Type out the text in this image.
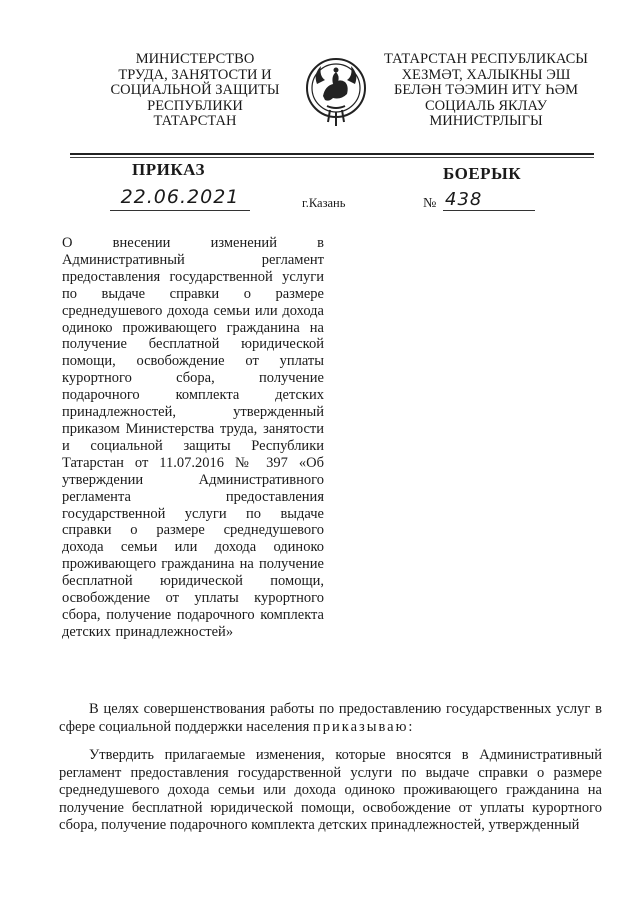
МИНИСТЕРСТВО
ТРУДА, ЗАНЯТОСТИ И
СОЦИАЛЬНОЙ ЗАЩИТЫ
РЕСПУБЛИКИ
ТАТАРСТАН
ТАТАРСТАН РЕСПУБЛИКАСЫ
ХЕЗМӘТ, ХАЛЫКНЫ ЭШ
БЕЛӘН ТӘЭМИН ИТҮ ҺӘМ
СОЦИАЛЬ ЯКЛАУ
МИНИСТРЛЫГЫ
ПРИКАЗ	БОЕРЫК
22.06.2021	г.Казань	№ 438
О внесении изменений в Административный регламент предоставления государственной услуги по выдаче справки о размере среднедушевого дохода семьи или дохода одиноко проживающего гражданина на получение бесплатной юридической помощи, освобождение от уплаты курортного сбора, получение подарочного комплекта детских принадлежностей, утвержденный приказом Министерства труда, занятости и социальной защиты Республики Татарстан от 11.07.2016 № 397 «Об утверждении Административного регламента предоставления государственной услуги по выдаче справки о размере среднедушевого дохода семьи или дохода одиноко проживающего гражданина на получение бесплатной юридической помощи, освобождение от уплаты курортного сбора, получение подарочного комплекта детских принадлежностей»
В целях совершенствования работы по предоставлению государственных услуг в сфере социальной поддержки населения приказываю:
Утвердить прилагаемые изменения, которые вносятся в Административный регламент предоставления государственной услуги по выдаче справки о размере среднедушевого дохода семьи или дохода одиноко проживающего гражданина на получение бесплатной юридической помощи, освобождение от уплаты курортного сбора, получение подарочного комплекта детских принадлежностей, утвержденный
